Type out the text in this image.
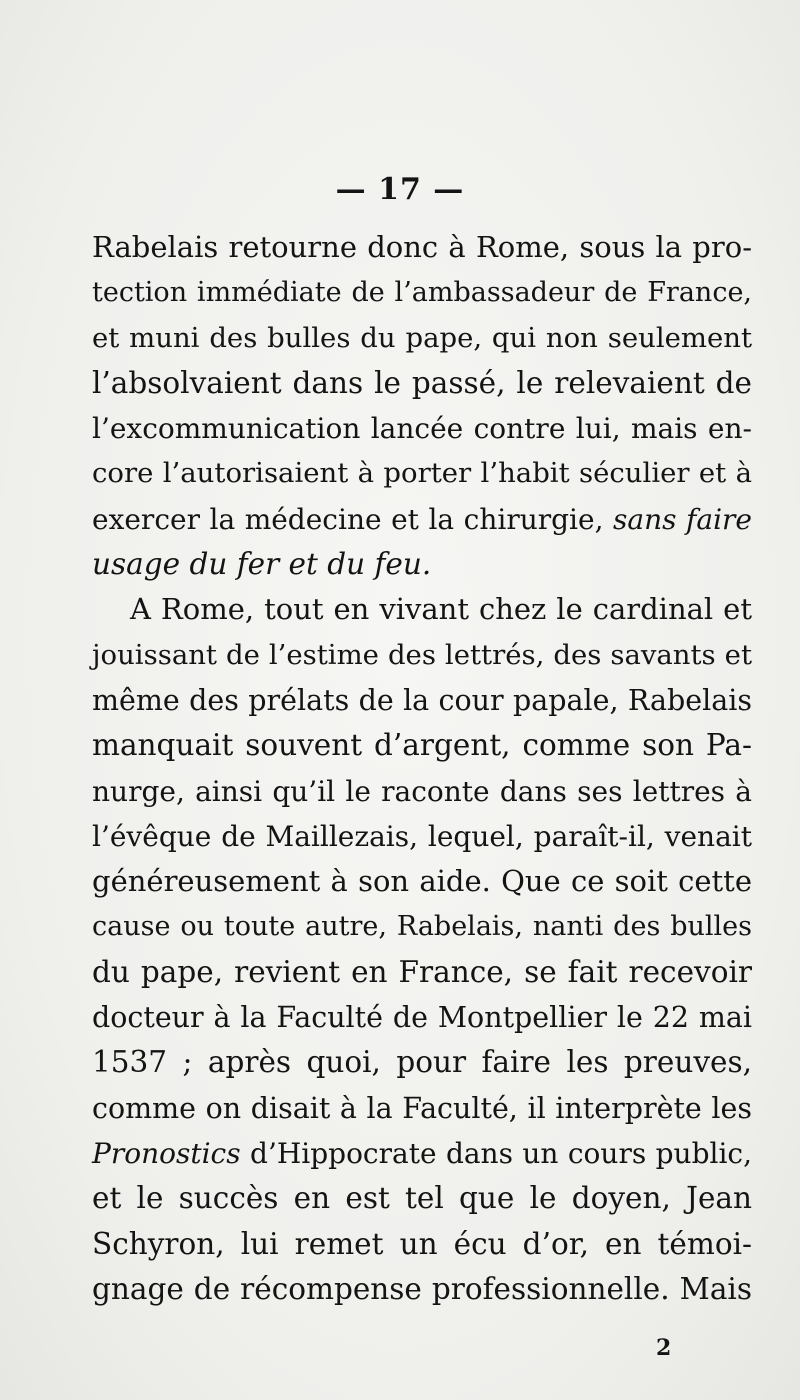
— 17 —
Rabelais retourne donc à Rome, sous la pro-
tection immédiate de l’ambassadeur de France,
et muni des bulles du pape, qui non seulement
l’absolvaient dans le passé, le relevaient de
l’excommunication lancée contre lui, mais en-
core l’autorisaient à porter l’habit séculier et à
exercer la médecine et la chirurgie, sans faire
usage du fer et du feu.
A Rome, tout en vivant chez le cardinal et
jouissant de l’estime des lettrés, des savants et
même des prélats de la cour papale, Rabelais
manquait souvent d’argent, comme son Pa-
nurge, ainsi qu’il le raconte dans ses lettres à
l’évêque de Maillezais, lequel, paraît-il, venait
généreusement à son aide. Que ce soit cette
cause ou toute autre, Rabelais, nanti des bulles
du pape, revient en France, se fait recevoir
docteur à la Faculté de Montpellier le 22 mai
1537 ; après quoi, pour faire les preuves,
comme on disait à la Faculté, il interprète les
Pronostics d’Hippocrate dans un cours public,
et le succès en est tel que le doyen, Jean
Schyron, lui remet un écu d’or, en témoi-
gnage de récompense professionnelle. Mais
2
